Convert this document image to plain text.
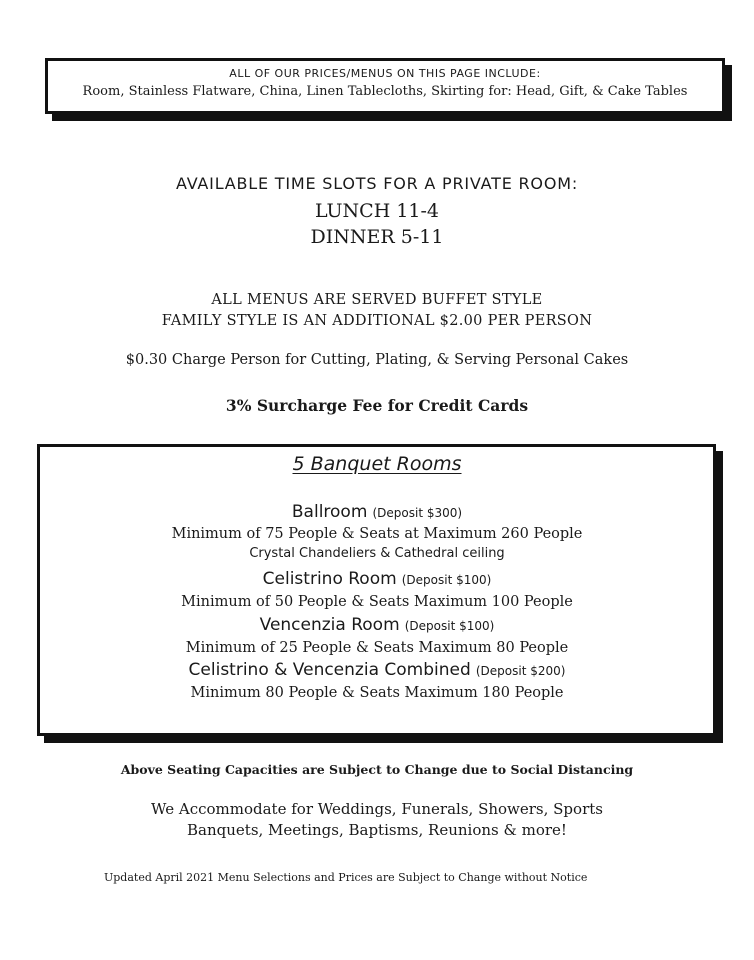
ALL OF OUR PRICES/MENUS ON THIS PAGE INCLUDE:
Room, Stainless Flatware, China, Linen Tablecloths, Skirting for: Head, Gift, & Cake Tables
AVAILABLE TIME SLOTS FOR A PRIVATE ROOM:
LUNCH 11-4
DINNER 5-11
ALL MENUS ARE SERVED BUFFET STYLE
FAMILY STYLE IS AN ADDITIONAL $2.00 PER PERSON
$0.30 Charge Person for Cutting, Plating, & Serving Personal Cakes
3% Surcharge Fee for Credit Cards
5 Banquet Rooms
Ballroom (Deposit $300)
Minimum of 75 People & Seats at Maximum 260 People
Crystal Chandeliers & Cathedral ceiling
Celistrino Room (Deposit $100)
Minimum of 50 People & Seats Maximum 100 People
Vencenzia Room (Deposit $100)
Minimum of 25 People & Seats Maximum 80 People
Celistrino & Vencenzia Combined (Deposit $200)
Minimum 80 People & Seats Maximum 180 People
Above Seating Capacities are Subject to Change due to Social Distancing
We Accommodate for Weddings, Funerals, Showers, Sports
Banquets, Meetings, Baptisms, Reunions & more!
Updated April 2021 Menu Selections and Prices are Subject to Change without Notice
